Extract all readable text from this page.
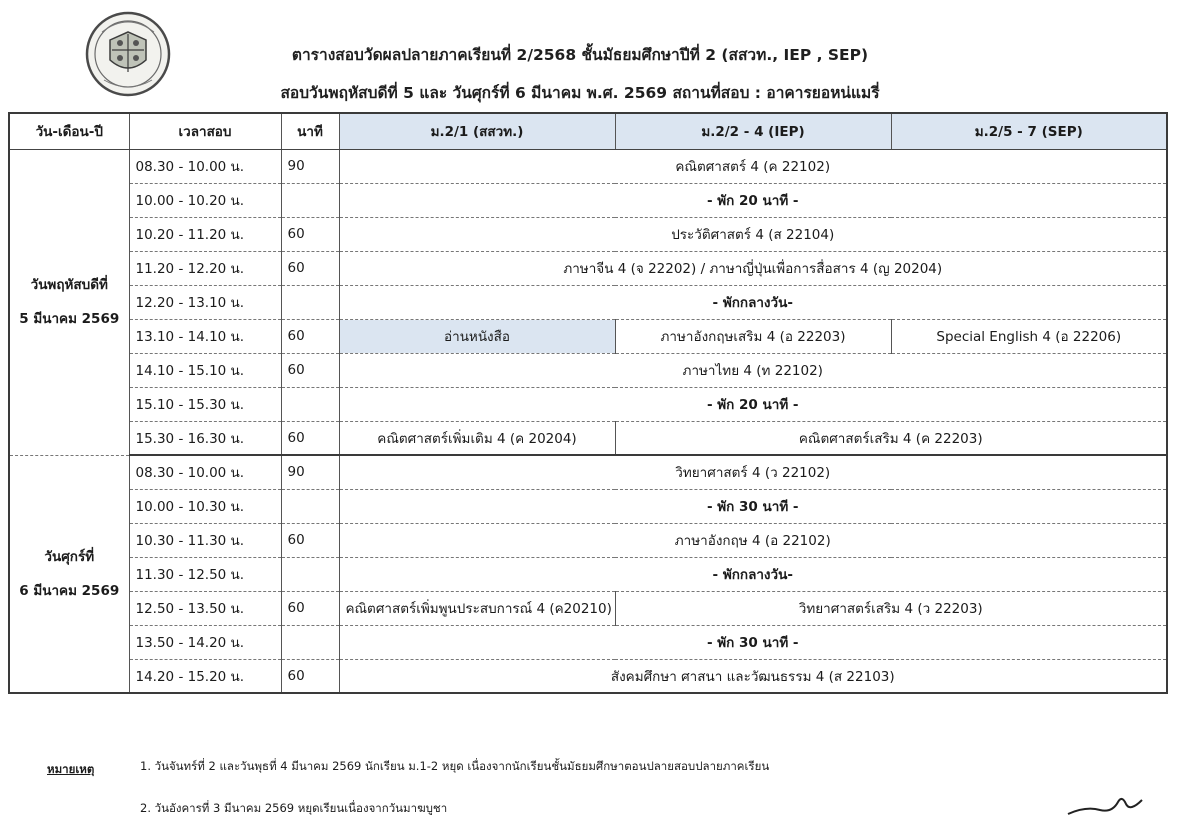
ตารางสอบวัดผลปลายภาคเรียนที่ 2/2568 ชั้นมัธยมศึกษาปีที่ 2 (สสวท., IEP , SEP)
สอบวันพฤหัสบดีที่ 5 และ วันศุกร์ที่ 6 มีนาคม พ.ศ. 2569 สถานที่สอบ : อาคารยอหน่แมรี่
วัน-เดือน-ปี	เวลาสอบ	นาที	ม.2/1 (สสวท.)	ม.2/2 - 4 (IEP)	ม.2/5 - 7 (SEP)
วันพฤหัสบดีที่
5 มีนาคม 2569	08.30 - 10.00 น.	90	คณิตศาสตร์ 4 (ค 22102)		
	10.00 - 10.20 น.		- พัก 20 นาที -		
	10.20 - 11.20 น.	60	ประวัติศาสตร์ 4 (ส 22104)		
	11.20 - 12.20 น.	60	ภาษาจีน 4 (จ 22202) / ภาษาญี่ปุ่นเพื่อการสื่อสาร 4 (ญ 20204)		
	12.20 - 13.10 น.		- พักกลางวัน-		
	13.10 - 14.10 น.	60	อ่านหนังสือ	ภาษาอังกฤษเสริม 4 (อ 22203)	Special English 4 (อ 22206)
	14.10 - 15.10 น.	60	ภาษาไทย 4 (ท 22102)		
	15.10 - 15.30 น.		- พัก 20 นาที -		
	15.30 - 16.30 น.	60	คณิตศาสตร์เพิ่มเติม 4 (ค 20204)	คณิตศาสตร์เสริม 4 (ค 22203)	
วันศุกร์ที่
6 มีนาคม 2569	08.30 - 10.00 น.	90	วิทยาศาสตร์ 4 (ว 22102)		
	10.00 - 10.30 น.		- พัก 30 นาที -		
	10.30 - 11.30 น.	60	ภาษาอังกฤษ 4 (อ 22102)		
	11.30 - 12.50 น.		- พักกลางวัน-		
	12.50 - 13.50 น.	60	คณิตศาสตร์เพิ่มพูนประสบการณ์ 4 (ค20210)	วิทยาศาสตร์เสริม 4 (ว 22203)	
	13.50 - 14.20 น.		- พัก 30 นาที -		
	14.20 - 15.20 น.	60	สังคมศึกษา ศาสนา และวัฒนธรรม 4 (ส 22103)		
หมายเหตุ	1. วันจันทร์ที่ 2 และวันพุธที่ 4 มีนาคม 2569 นักเรียน ม.1-2 หยุด เนื่องจากนักเรียนชั้นมัธยมศึกษาตอนปลายสอบปลายภาคเรียน
2. วันอังคารที่ 3 มีนาคม 2569 หยุดเรียนเนื่องจากวันมาฆบูชา
